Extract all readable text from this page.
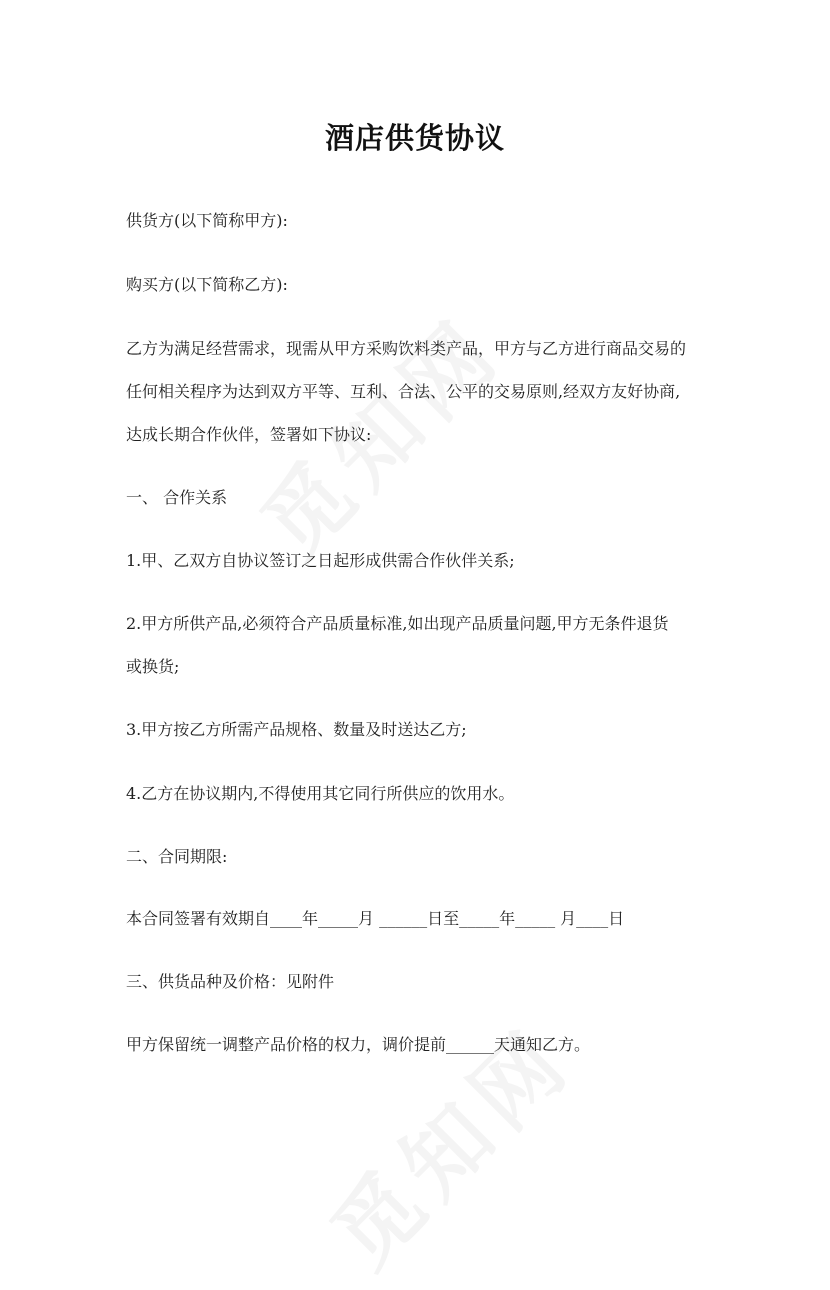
酒店供货协议
供货方(以下简称甲方):
购买方(以下简称乙方):
乙方为满足经营需求，现需从甲方采购饮料类产品，甲方与乙方进行商品交易的
任何相关程序为达到双方平等、互利、合法、公平的交易原则,经双方友好协商,
达成长期合作伙伴，签署如下协议:
一、 合作关系
1.甲、乙双方自协议签订之日起形成供需合作伙伴关系;
2.甲方所供产品,必须符合产品质量标准,如出现产品质量问题,甲方无条件退货
或换货;
3.甲方按乙方所需产品规格、数量及时送达乙方;
4.乙方在协议期内,不得使用其它同行所供应的饮用水。
二、合同期限:
本合同签署有效期自____年_____月 ______日至_____年_____ 月____日
三、供货品种及价格：见附件
甲方保留统一调整产品价格的权力，调价提前______天通知乙方。
